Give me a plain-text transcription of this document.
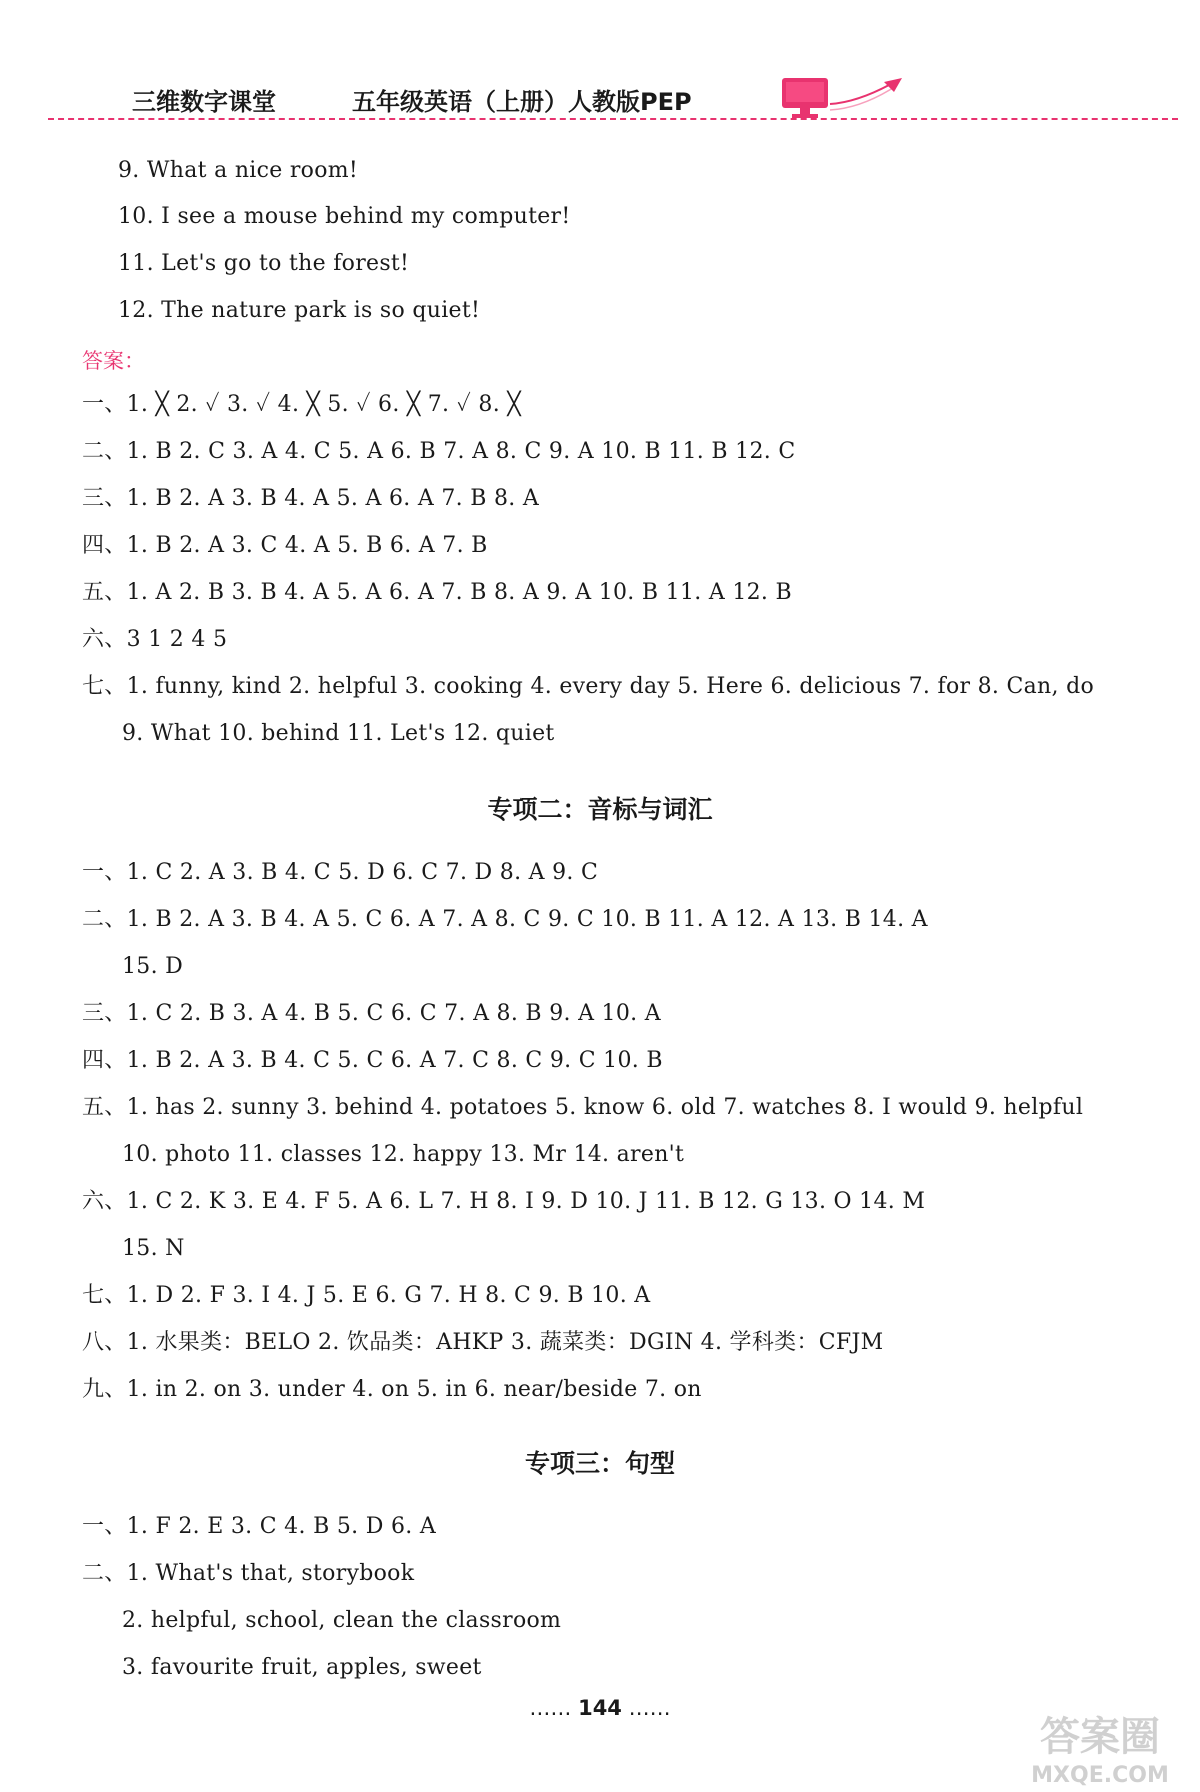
三维数字课堂	五年级英语（上册）人教版PEP
9. What a nice room!
10. I see a mouse behind my computer!
11. Let's go to the forest!
12. The nature park is so quiet!
答案：
一、1. ╳ 2. ✓ 3. ✓ 4. ╳ 5. ✓ 6. ╳ 7. ✓ 8. ╳
二、1. B 2. C 3. A 4. C 5. A 6. B 7. A 8. C 9. A 10. B 11. B 12. C
三、1. B 2. A 3. B 4. A 5. A 6. A 7. B 8. A
四、1. B 2. A 3. C 4. A 5. B 6. A 7. B
五、1. A 2. B 3. B 4. A 5. A 6. A 7. B 8. A 9. A 10. B 11. A 12. B
六、3 1 2 4 5
七、1. funny, kind 2. helpful 3. cooking 4. every day 5. Here 6. delicious 7. for 8. Can, do
9. What 10. behind 11. Let's 12. quiet
专项二：音标与词汇
一、1. C 2. A 3. B 4. C 5. D 6. C 7. D 8. A 9. C
二、1. B 2. A 3. B 4. A 5. C 6. A 7. A 8. C 9. C 10. B 11. A 12. A 13. B 14. A
15. D
三、1. C 2. B 3. A 4. B 5. C 6. C 7. A 8. B 9. A 10. A
四、1. B 2. A 3. B 4. C 5. C 6. A 7. C 8. C 9. C 10. B
五、1. has 2. sunny 3. behind 4. potatoes 5. know 6. old 7. watches 8. I would 9. helpful
10. photo 11. classes 12. happy 13. Mr 14. aren't
六、1. C 2. K 3. E 4. F 5. A 6. L 7. H 8. I 9. D 10. J 11. B 12. G 13. O 14. M
15. N
七、1. D 2. F 3. I 4. J 5. E 6. G 7. H 8. C 9. B 10. A
八、1. 水果类：BELO 2. 饮品类：AHKP 3. 蔬菜类：DGIN 4. 学科类：CFJM
九、1. in 2. on 3. under 4. on 5. in 6. near/beside 7. on
专项三：句型
一、1. F 2. E 3. C 4. B 5. D 6. A
二、1. What's that, storybook
2. helpful, school, clean the classroom
3. favourite fruit, apples, sweet
…… 144 ……
答案圈
MXQE.COM
